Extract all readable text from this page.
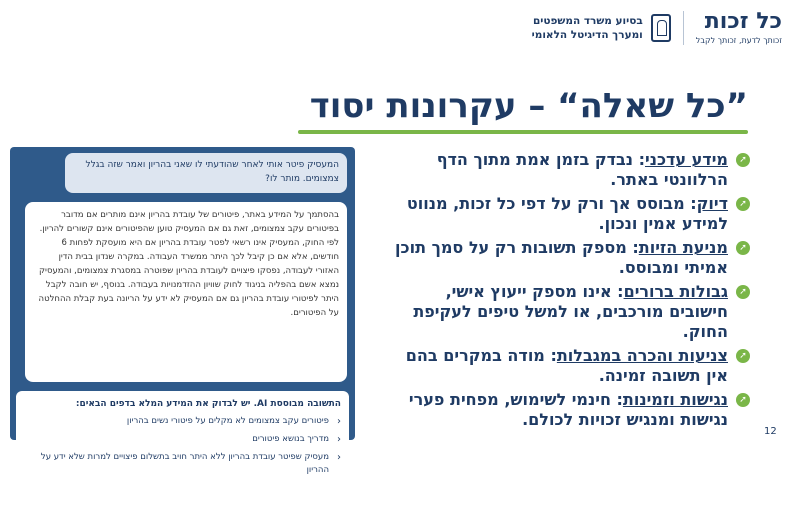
כל זכות
זכותך לדעת, זכותך לקבל
בסיוע משרד המשפטים
ומערך הדיגיטל הלאומי
”כל שאלה“ – עקרונות יסוד
➚
מידע עדכני: נבדק בזמן אמת מתוך הדף הרלוונטי באתר.
➚
דיוק: מבוסס אך ורק על דפי כל זכות, מנווט למידע אמין ונכון.
➚
מניעת הזיות: מספק תשובות רק על סמך תוכן אמיתי ומבוסס.
➚
גבולות ברורים: אינו מספק ייעוץ אישי, חישובים מורכבים, או למשל טיפים לעקיפת החוק.
➚
צניעות והכרה במגבלות: מודה במקרים בהם אין תשובה זמינה.
➚
נגישות וזמינות: חינמי לשימוש, מפחית פערי נגישות ומנגיש זכויות לכולם.
המעסיק פיטר אותי לאחר שהודעתי לו שאני בהריון ואמר שזה בגלל צמצומים. מותר לו?
בהסתמך על המידע באתר, פיטורים של עובדת בהריון אינם מותרים אם מדובר בפיטורים עקב צמצומים, זאת גם אם המעסיק טוען שהפיטורים אינם קשורים להריון. לפי החוק, המעסיק אינו רשאי לפטר עובדת בהריון אם היא מועסקת לפחות 6 חודשים, אלא אם כן קיבל לכך היתר ממשרד העבודה. במקרה שנדון בבית הדין האזורי לעבודה, נפסקו פיצויים לעובדת בהריון שפוטרה במסגרת צמצומים, והמעסיק נמצא אשם בהפליה בניגוד לחוק שוויון ההזדמנויות בעבודה. בנוסף, יש חובה לקבל היתר לפיטורי עובדת בהריון גם אם המעסיק לא ידע על הריונה בעת קבלת ההחלטה על הפיטורים.
התשובה מבוססת AI. יש לבדוק את המידע המלא בדפים הבאים:
‹
פיטורים עקב צמצומים לא מקלים על פיטורי נשים בהריון
‹
מדריך בנושא פיטורים
‹
מעסיק שפיטר עובדת בהריון ללא היתר חויב בתשלום פיצויים למרות שלא ידע על ההריון
12
